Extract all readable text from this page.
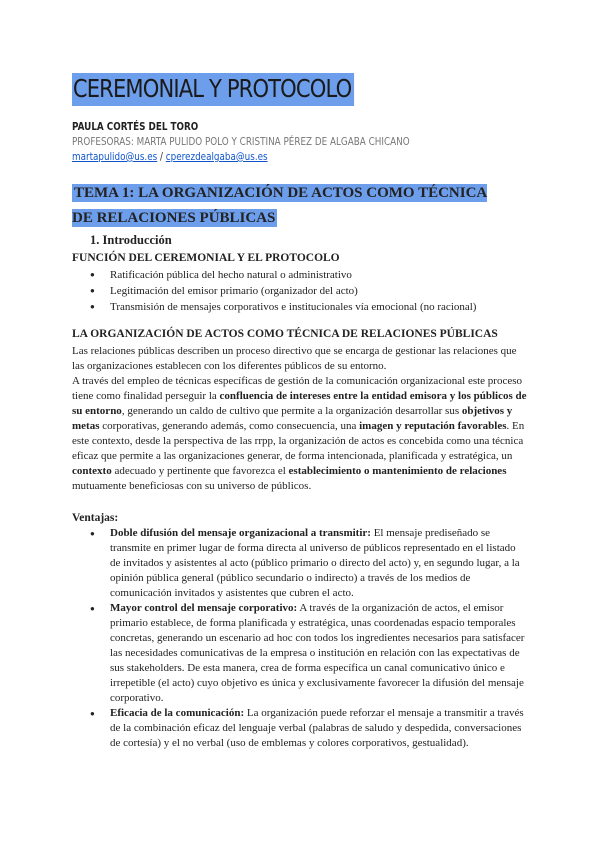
CEREMONIAL Y PROTOCOLO
PAULA CORTÉS DEL TORO
PROFESORAS: MARTA PULIDO POLO Y CRISTINA PÉREZ DE ALGABA CHICANO
martapulido@us.es / cperezdealgaba@us.es
TEMA 1: LA ORGANIZACIÓN DE ACTOS COMO TÉCNICA DE RELACIONES PÚBLICAS
1. Introducción
FUNCIÓN DEL CEREMONIAL Y EL PROTOCOLO
● Ratificación pública del hecho natural o administrativo
● Legitimación del emisor primario (organizador del acto)
● Transmisión de mensajes corporativos e institucionales vía emocional (no racional)
LA ORGANIZACIÓN DE ACTOS COMO TÉCNICA DE RELACIONES PÚBLICAS
Las relaciones públicas describen un proceso directivo que se encarga de gestionar las relaciones que las organizaciones establecen con los diferentes públicos de su entorno.
A través del empleo de técnicas específicas de gestión de la comunicación organizacional este proceso tiene como finalidad perseguir la confluencia de intereses entre la entidad emisora y los públicos de su entorno, generando un caldo de cultivo que permite a la organización desarrollar sus objetivos y metas corporativas, generando además, como consecuencia, una imagen y reputación favorables. En este contexto, desde la perspectiva de las rrpp, la organización de actos es concebida como una técnica eficaz que permite a las organizaciones generar, de forma intencionada, planificada y estratégica, un contexto adecuado y pertinente que favorezca el establecimiento o mantenimiento de relaciones mutuamente beneficiosas con su universo de públicos.
Ventajas:
● Doble difusión del mensaje organizacional a transmitir: El mensaje prediseñado se transmite en primer lugar de forma directa al universo de públicos representado en el listado de invitados y asistentes al acto (público primario o directo del acto) y, en segundo lugar, a la opinión pública general (público secundario o indirecto) a través de los medios de comunicación invitados y asistentes que cubren el acto.
● Mayor control del mensaje corporativo: A través de la organización de actos, el emisor primario establece, de forma planificada y estratégica, unas coordenadas espacio temporales concretas, generando un escenario ad hoc con todos los ingredientes necesarios para satisfacer las necesidades comunicativas de la empresa o institución en relación con las expectativas de sus stakeholders. De esta manera, crea de forma específica un canal comunicativo único e irrepetible (el acto) cuyo objetivo es única y exclusivamente favorecer la difusión del mensaje corporativo.
● Eficacia de la comunicación: La organización puede reforzar el mensaje a transmitir a través de la combinación eficaz del lenguaje verbal (palabras de saludo y despedida, conversaciones de cortesía) y el no verbal (uso de emblemas y colores corporativos, gestualidad).
